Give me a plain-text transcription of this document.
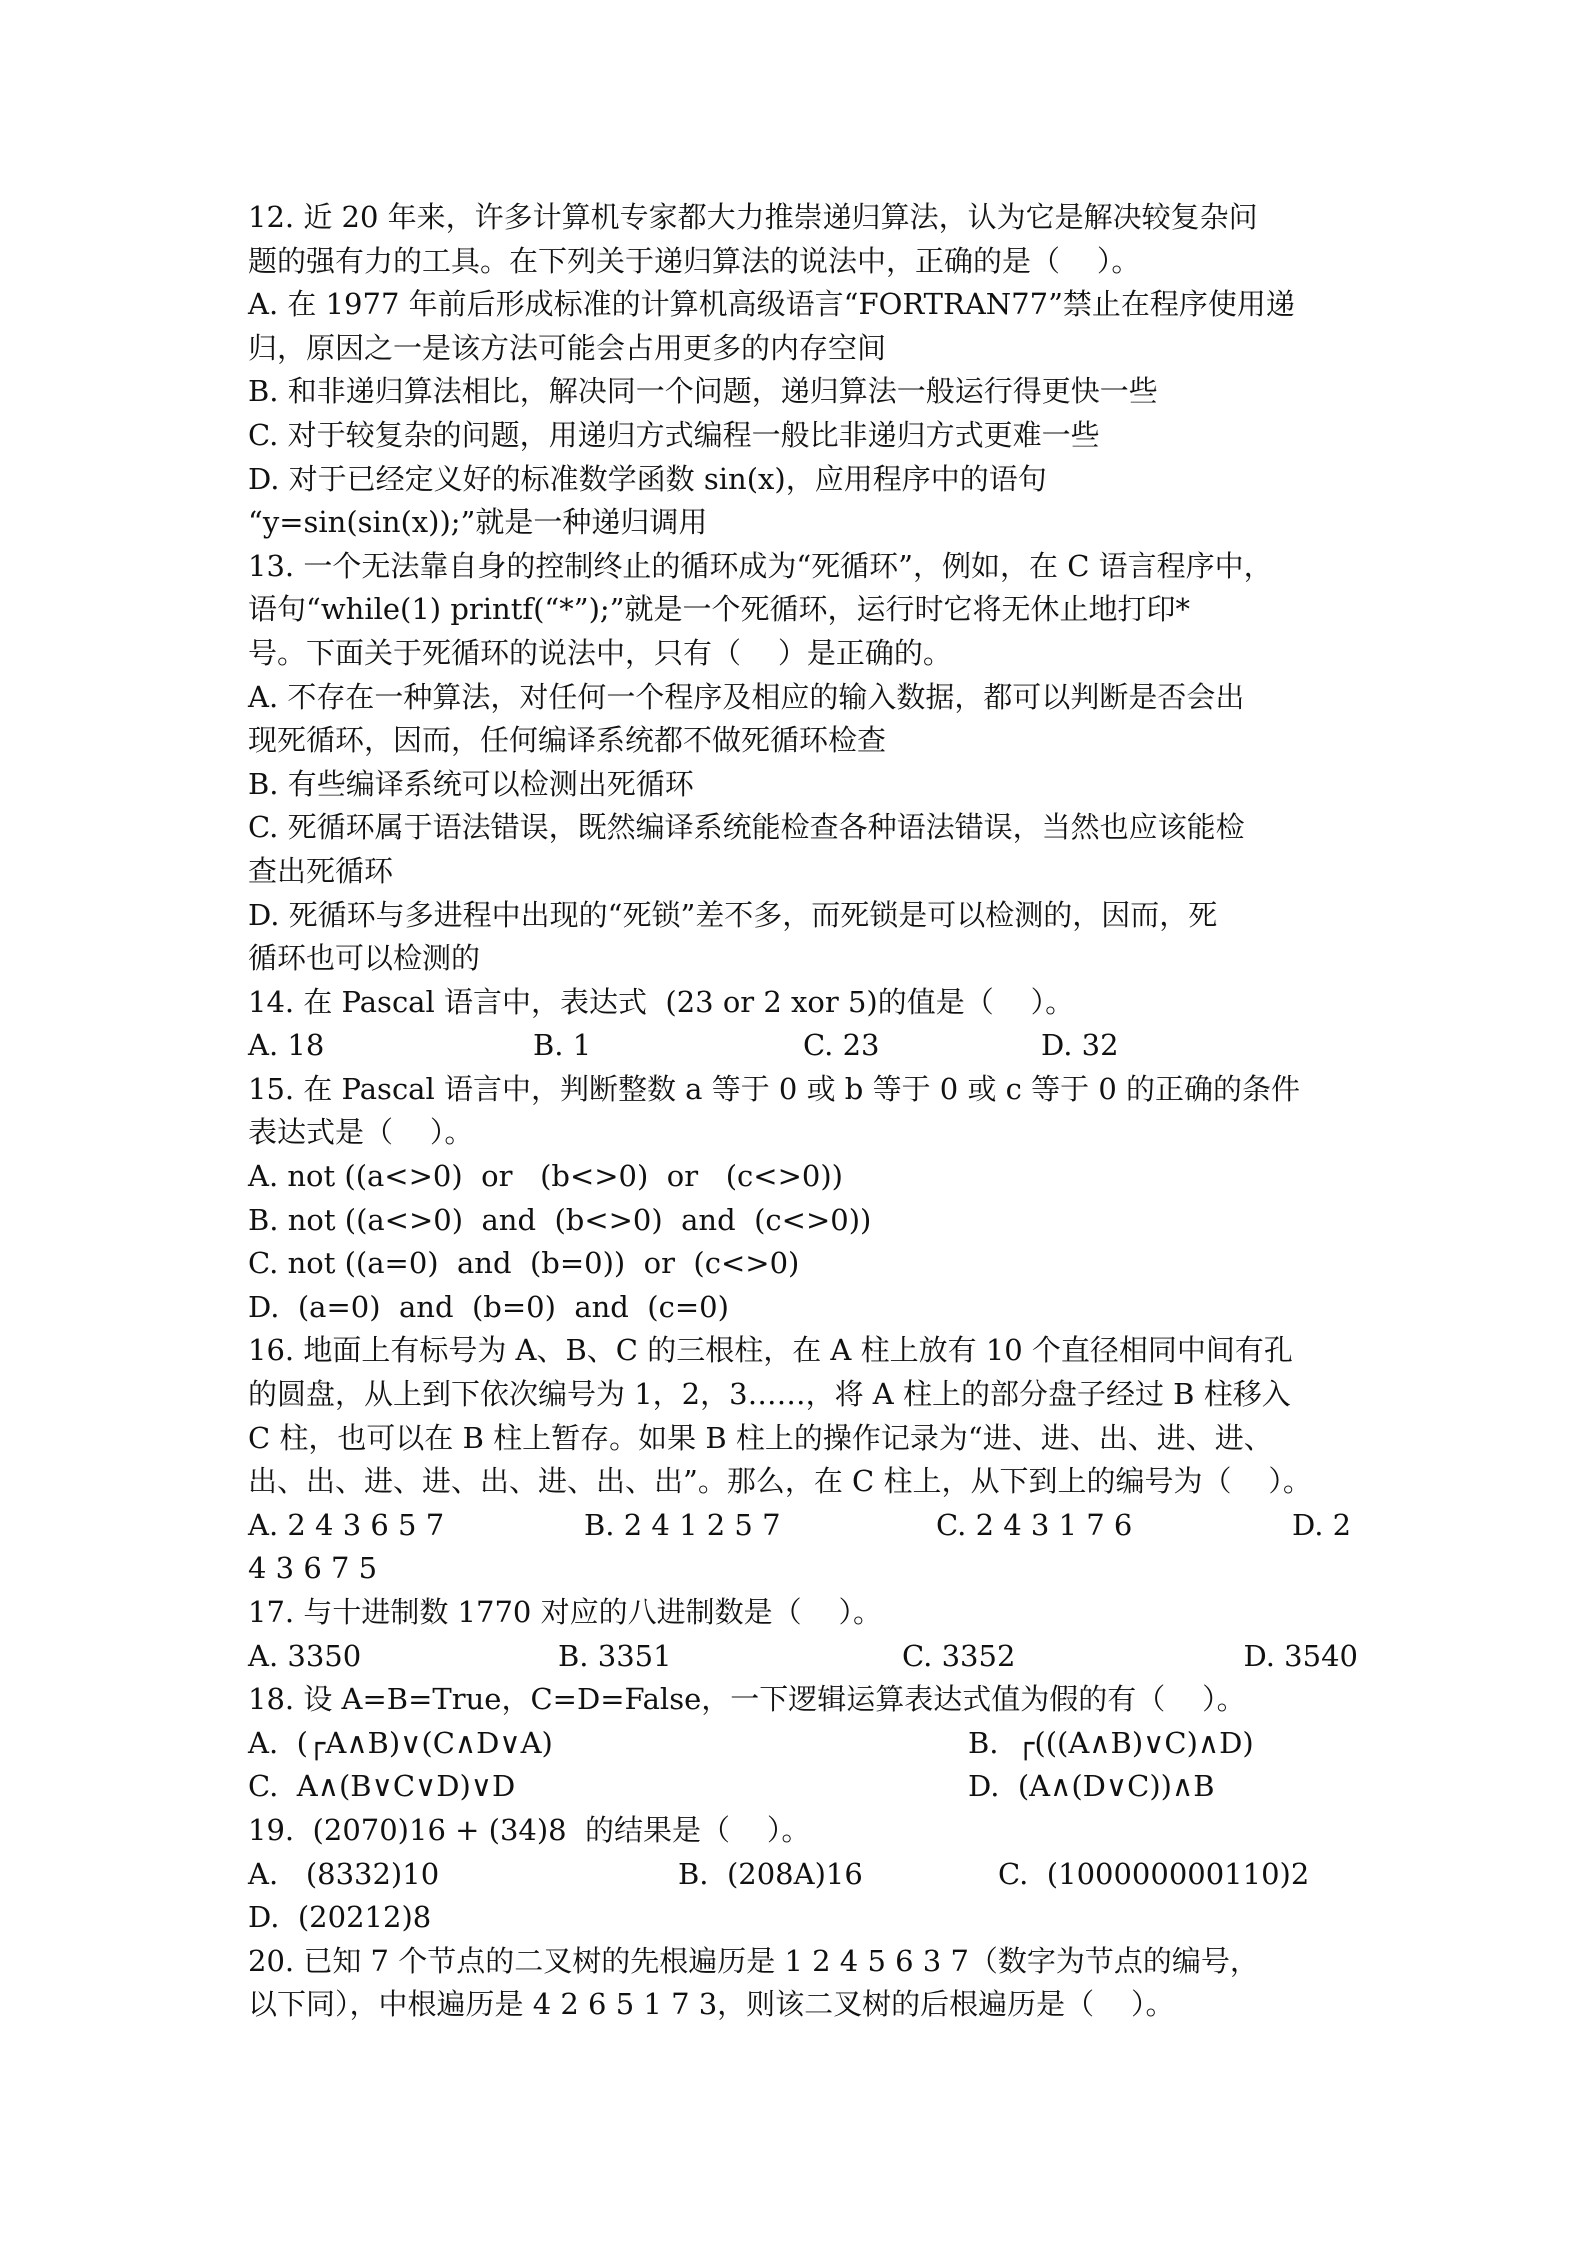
12. 近 20 年来，许多计算机专家都大力推崇递归算法，认为它是解决较复杂问
题的强有力的工具。在下列关于递归算法的说法中，正确的是（    ）。
A. 在 1977 年前后形成标准的计算机高级语言“FORTRAN77”禁止在程序使用递
归，原因之一是该方法可能会占用更多的内存空间
B. 和非递归算法相比，解决同一个问题，递归算法一般运行得更快一些
C. 对于较复杂的问题，用递归方式编程一般比非递归方式更难一些
D. 对于已经定义好的标准数学函数 sin(x)，应用程序中的语句
“y=sin(sin(x));”就是一种递归调用
13. 一个无法靠自身的控制终止的循环成为“死循环”，例如，在 C 语言程序中，
语句“while(1) printf(“*”);”就是一个死循环，运行时它将无休止地打印*
号。下面关于死循环的说法中，只有（    ）是正确的。
A. 不存在一种算法，对任何一个程序及相应的输入数据，都可以判断是否会出
现死循环，因而，任何编译系统都不做死循环检查
B. 有些编译系统可以检测出死循环
C. 死循环属于语法错误，既然编译系统能检查各种语法错误，当然也应该能检
查出死循环
D. 死循环与多进程中出现的“死锁”差不多，而死锁是可以检测的，因而，死
循环也可以检测的
14. 在 Pascal 语言中，表达式  (23 or 2 xor 5)的值是（    ）。
A. 18	B. 1	C. 23	D. 32
15. 在 Pascal 语言中，判断整数 a 等于 0 或 b 等于 0 或 c 等于 0 的正确的条件
表达式是（    ）。
A. not ((a<>0)  or   (b<>0)  or   (c<>0))
B. not ((a<>0)  and  (b<>0)  and  (c<>0))
C. not ((a=0)  and  (b=0))  or  (c<>0)
D.  (a=0)  and  (b=0)  and  (c=0)
16. 地面上有标号为 A、B、C 的三根柱，在 A 柱上放有 10 个直径相同中间有孔
的圆盘，从上到下依次编号为 1，2，3……，将 A 柱上的部分盘子经过 B 柱移入
C 柱，也可以在 B 柱上暂存。如果 B 柱上的操作记录为“进、进、出、进、进、
出、出、进、进、出、进、出、出”。那么，在 C 柱上，从下到上的编号为（    ）。
A. 2 4 3 6 5 7	B. 2 4 1 2 5 7	C. 2 4 3 1 7 6	D. 2
4 3 6 7 5
17. 与十进制数 1770 对应的八进制数是（    ）。
A. 3350	B. 3351	C. 3352	D. 3540
18. 设 A=B=True，C=D=False，一下逻辑运算表达式值为假的有（    ）。
A.  (┌A∧B)∨(C∧D∨A)	B.  ┌(((A∧B)∨C)∧D)
C.  A∧(B∨C∨D)∨D	D.  (A∧(D∨C))∧B
19.  (2070)16 + (34)8  的结果是（    ）。
A.   (8332)10	B.  (208A)16	C.  (100000000110)2
D.  (20212)8
20. 已知 7 个节点的二叉树的先根遍历是 1 2 4 5 6 3 7（数字为节点的编号，
以下同），中根遍历是 4 2 6 5 1 7 3，则该二叉树的后根遍历是（    ）。
